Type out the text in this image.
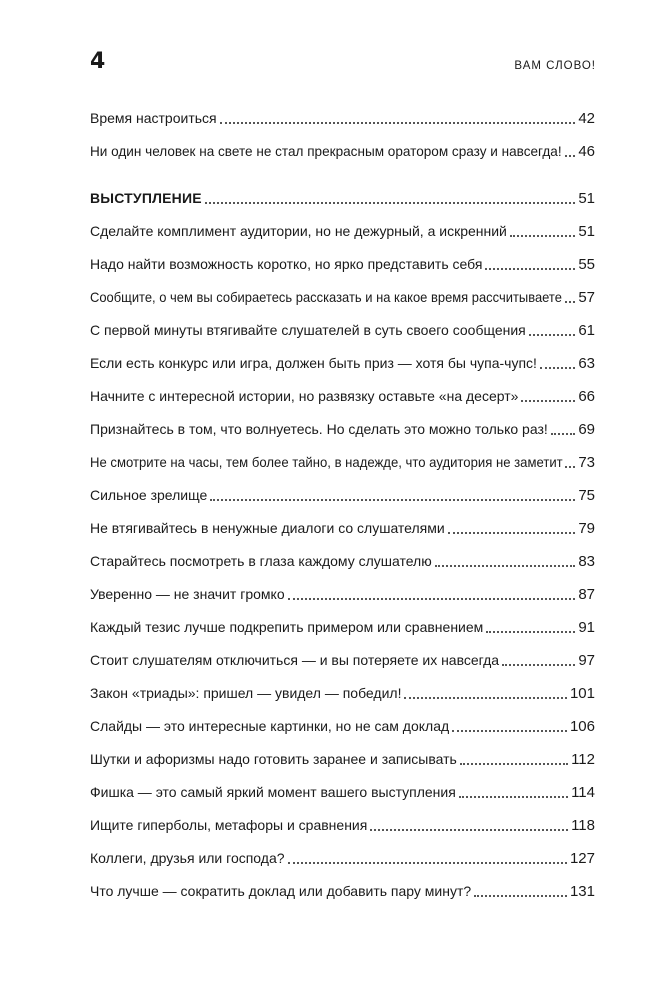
4	ВАМ СЛОВО!
Время настроиться	42
Ни один человек на свете не стал прекрасным оратором сразу и навсегда! 46
ВЫСТУПЛЕНИЕ	51
Сделайте комплимент аудитории, но не дежурный, а искренний	51
Надо найти возможность коротко, но ярко представить себя	55
Сообщите, о чем вы собираетесь рассказать и на какое время рассчитываете 57
С первой минуты втягивайте слушателей в суть своего сообщения	61
Если есть конкурс или игра, должен быть приз — хотя бы чупа-чупс!	63
Начните с интересной истории, но развязку оставьте «на десерт»	66
Признайтесь в том, что волнуетесь. Но сделать это можно только раз! 69
Не смотрите на часы, тем более тайно, в надежде, что аудитория не заметит 73
Сильное зрелище	75
Не втягивайтесь в ненужные диалоги со слушателями	79
Старайтесь посмотреть в глаза каждому слушателю	83
Уверенно — не значит громко	87
Каждый тезис лучше подкрепить примером или сравнением	91
Стоит слушателям отключиться — и вы потеряете их навсегда	97
Закон «триады»: пришел — увидел — победил!	101
Слайды — это интересные картинки, но не сам доклад	106
Шутки и афоризмы надо готовить заранее и записывать	112
Фишка — это самый яркий момент вашего выступления	114
Ищите гиперболы, метафоры и сравнения	118
Коллеги, друзья или господа?	127
Что лучше — сократить доклад или добавить пару минут?	131
